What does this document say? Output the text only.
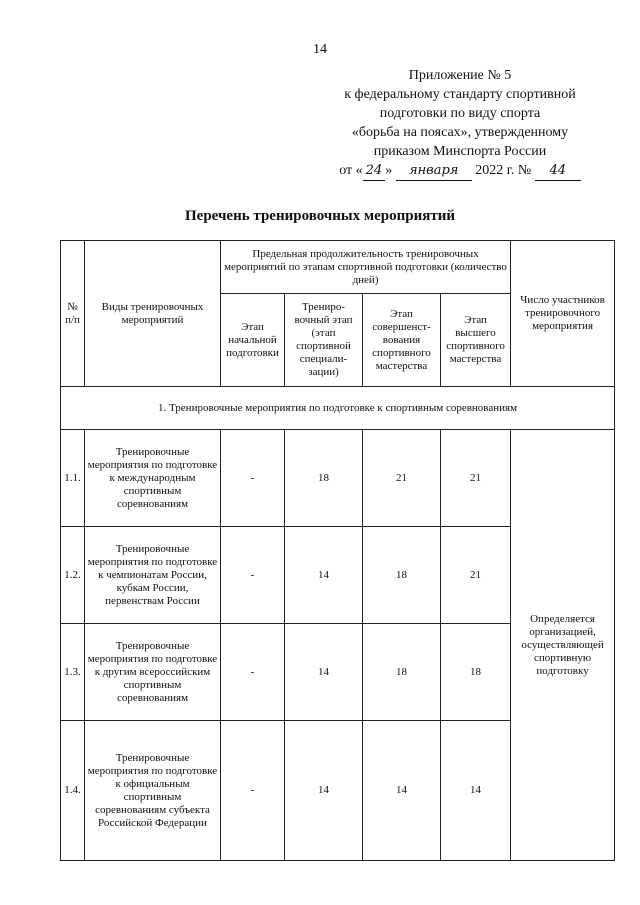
14
Приложение № 5
к федеральному стандарту спортивной
подготовки по виду спорта
«борьба на поясах», утвержденному
приказом Минспорта России
от « 24 » января 2022 г. № 44
Перечень тренировочных мероприятий
№ п/п	Виды тренировочных мероприятий	Предельная продолжительность тренировочных мероприятий по этапам спортивной подготовки (количество дней)				Число участников тренировочного мероприятия
		Этап начальной подготовки	Трениро-вочный этап (этап спортивной специали-зации)	Этап совершенст-вования спортивного мастерства	Этап высшего спортивного мастерства	
1. Тренировочные мероприятия по подготовке к спортивным соревнованиям						
1.1.	Тренировочные мероприятия по подготовке к международным спортивным соревнованиям	-	18	21	21	Определяется организацией, осуществляющей спортивную подготовку
1.2.	Тренировочные мероприятия по подготовке к чемпионатам России, кубкам России, первенствам России	-	14	18	21	
1.3.	Тренировочные мероприятия по подготовке к другим всероссийским спортивным соревнованиям	-	14	18	18	
1.4.	Тренировочные мероприятия по подготовке к официальным спортивным соревнованиям субъекта Российской Федерации	-	14	14	14	
